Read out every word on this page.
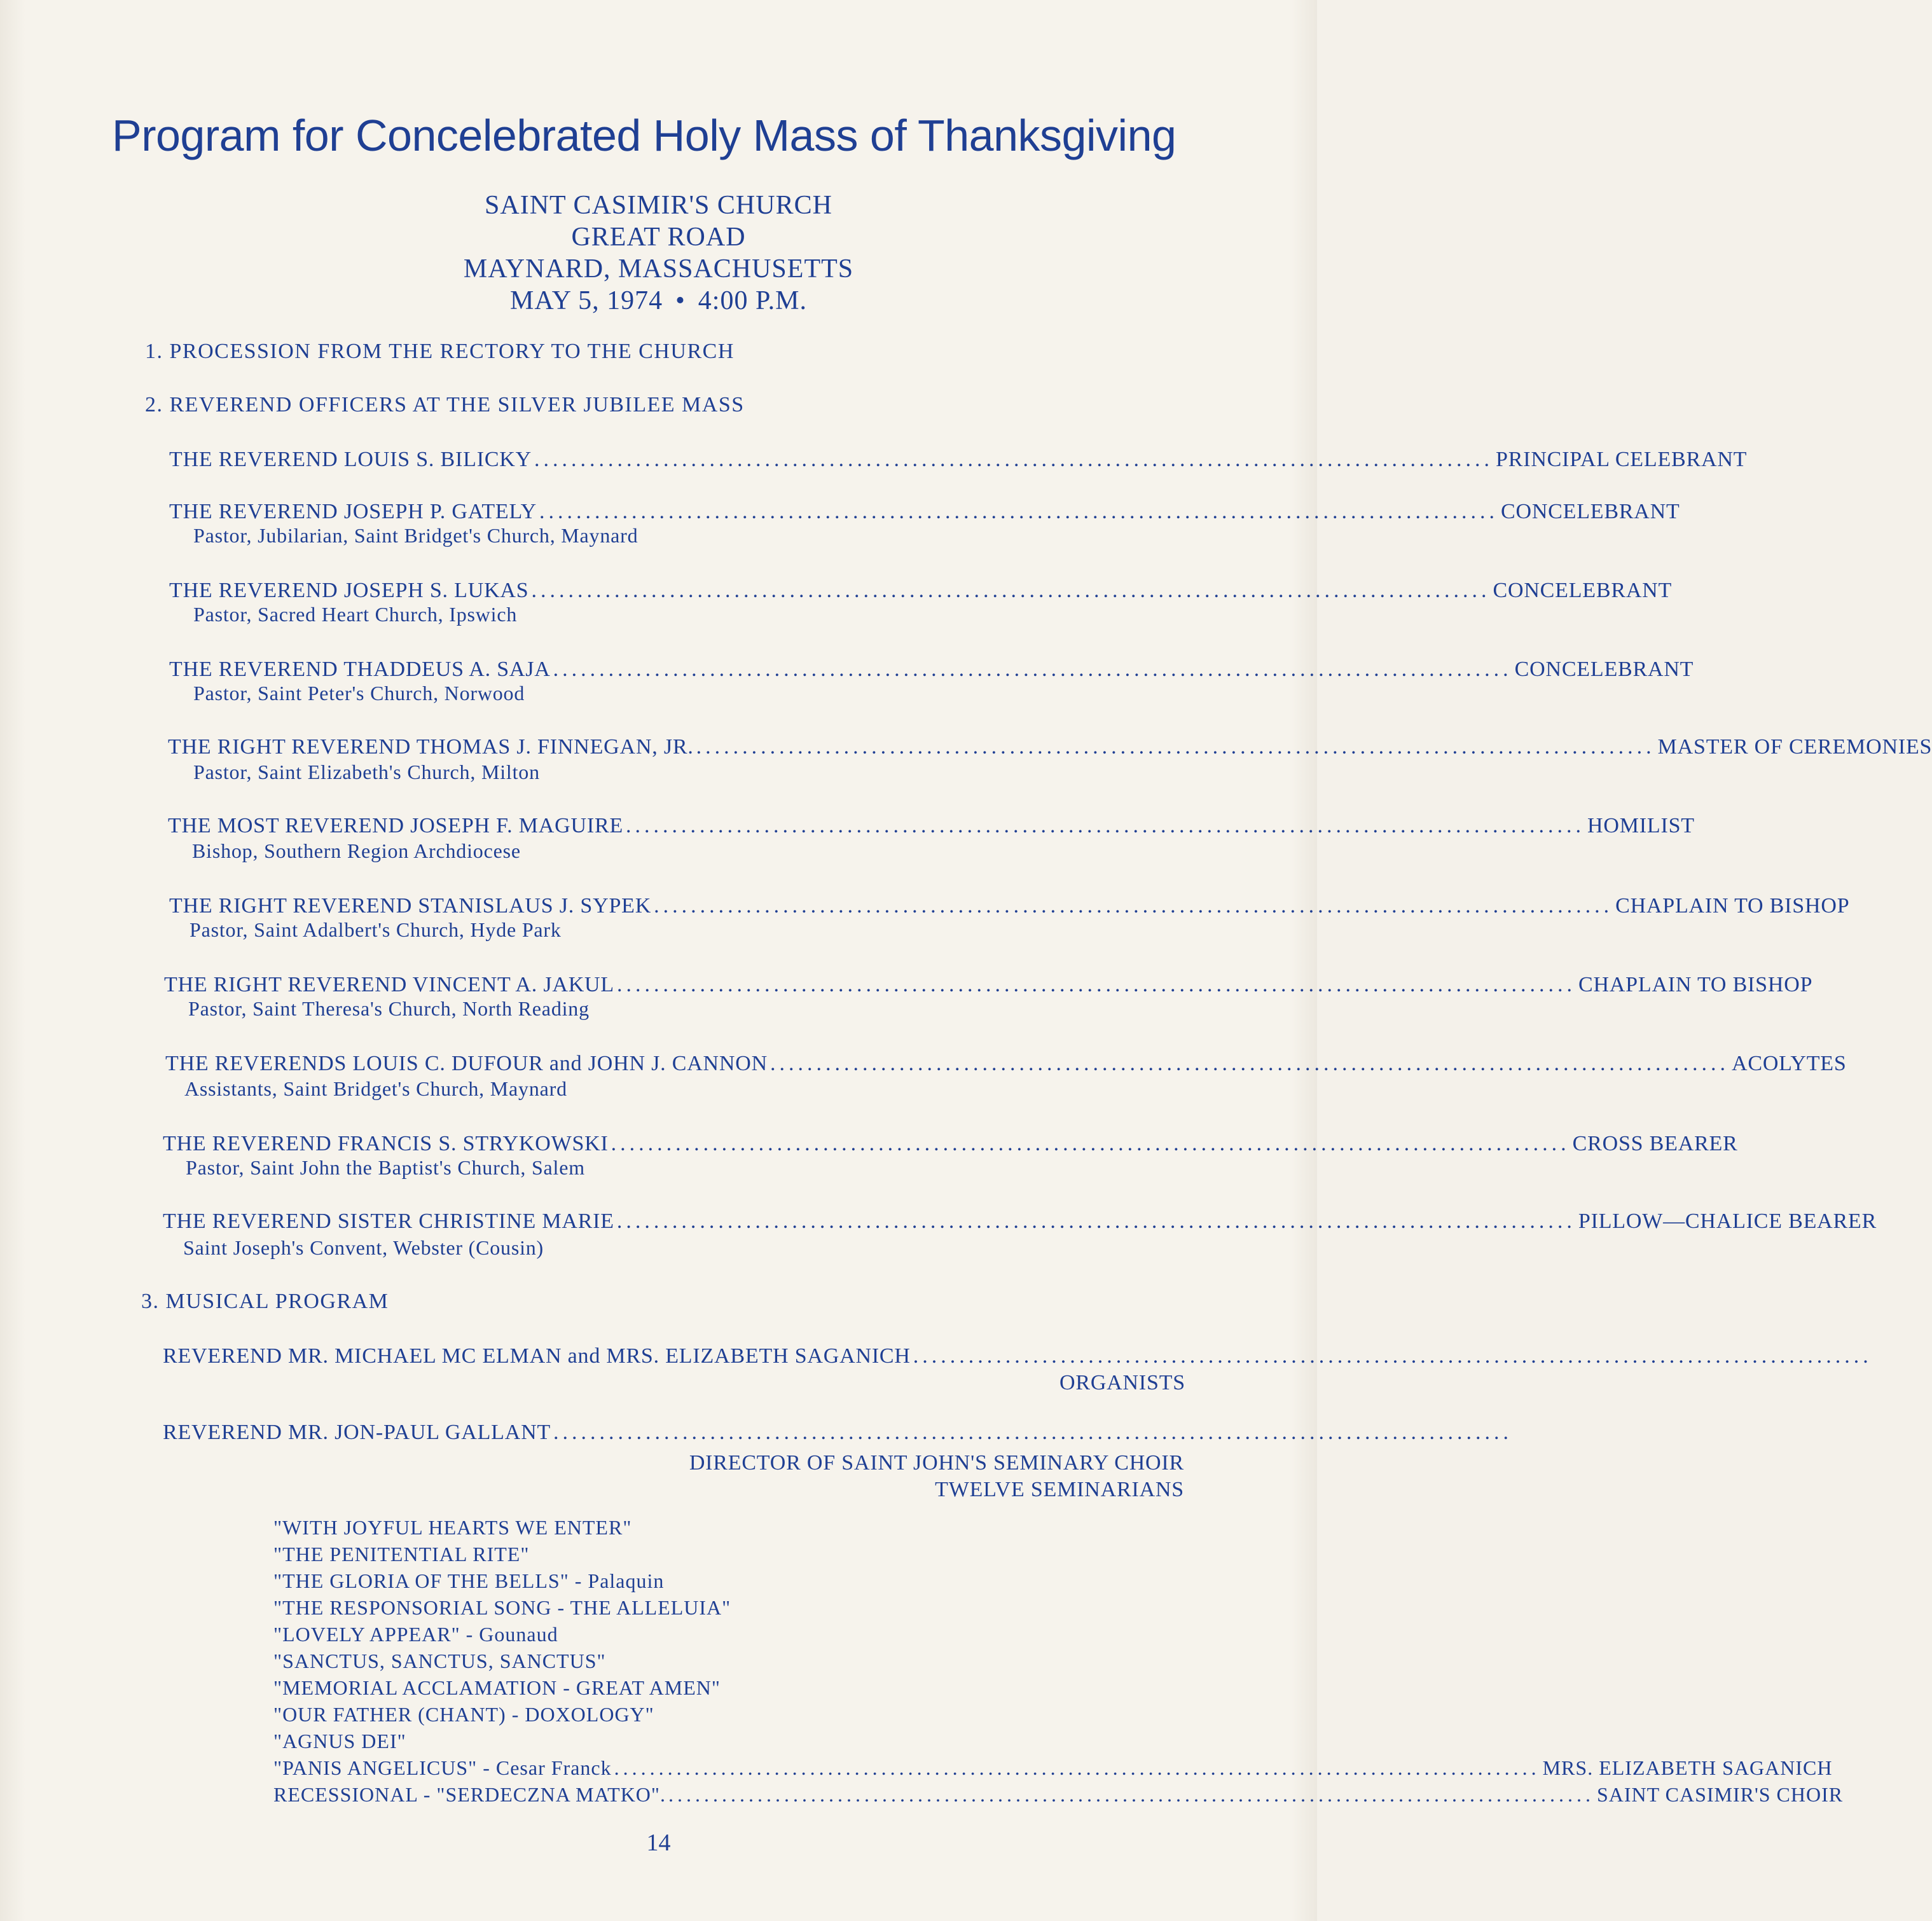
Program for Concelebrated Holy Mass of Thanksgiving
SAINT CASIMIR'S CHURCH
GREAT ROAD
MAYNARD, MASSACHUSETTS
MAY 5, 1974 • 4:00 P.M.
1. PROCESSION FROM THE RECTORY TO THE CHURCH
2. REVEREND OFFICERS AT THE SILVER JUBILEE MASS
THE REVEREND LOUIS S. BILICKY ........................................................................................................ PRINCIPAL CELEBRANT
THE REVEREND JOSEPH P. GATELY ........................................................................................................ CONCELEBRANT
Pastor, Jubilarian, Saint Bridget's Church, Maynard
THE REVEREND JOSEPH S. LUKAS ........................................................................................................ CONCELEBRANT
Pastor, Sacred Heart Church, Ipswich
THE REVEREND THADDEUS A. SAJA ........................................................................................................ CONCELEBRANT
Pastor, Saint Peter's Church, Norwood
THE RIGHT REVEREND THOMAS J. FINNEGAN, JR. ........................................................................................................ MASTER OF CEREMONIES
Pastor, Saint Elizabeth's Church, Milton
THE MOST REVEREND JOSEPH F. MAGUIRE ........................................................................................................ HOMILIST
Bishop, Southern Region Archdiocese
THE RIGHT REVEREND STANISLAUS J. SYPEK ........................................................................................................ CHAPLAIN TO BISHOP
Pastor, Saint Adalbert's Church, Hyde Park
THE RIGHT REVEREND VINCENT A. JAKUL ........................................................................................................ CHAPLAIN TO BISHOP
Pastor, Saint Theresa's Church, North Reading
THE REVERENDS LOUIS C. DUFOUR and JOHN J. CANNON ........................................................................................................ ACOLYTES
Assistants, Saint Bridget's Church, Maynard
THE REVEREND FRANCIS S. STRYKOWSKI ........................................................................................................ CROSS BEARER
Pastor, Saint John the Baptist's Church, Salem
THE REVEREND SISTER CHRISTINE MARIE ........................................................................................................ PILLOW—CHALICE BEARER
Saint Joseph's Convent, Webster (Cousin)
3. MUSICAL PROGRAM
REVEREND MR. MICHAEL MC ELMAN and MRS. ELIZABETH SAGANICH ........................................................................................................
ORGANISTS
REVEREND MR. JON-PAUL GALLANT ........................................................................................................
DIRECTOR OF SAINT JOHN'S SEMINARY CHOIR
TWELVE SEMINARIANS
"WITH JOYFUL HEARTS WE ENTER"
"THE PENITENTIAL RITE"
"THE GLORIA OF THE BELLS" - Palaquin
"THE RESPONSORIAL SONG - THE ALLELUIA"
"LOVELY APPEAR" - Gounaud
"SANCTUS, SANCTUS, SANCTUS"
"MEMORIAL ACCLAMATION - GREAT AMEN"
"OUR FATHER (CHANT) - DOXOLOGY"
"AGNUS DEI"
"PANIS ANGELICUS" - Cesar Franck ........................................................................................................ MRS. ELIZABETH SAGANICH
RECESSIONAL - "SERDECZNA MATKO". ........................................................................................................ SAINT CASIMIR'S CHOIR
14
